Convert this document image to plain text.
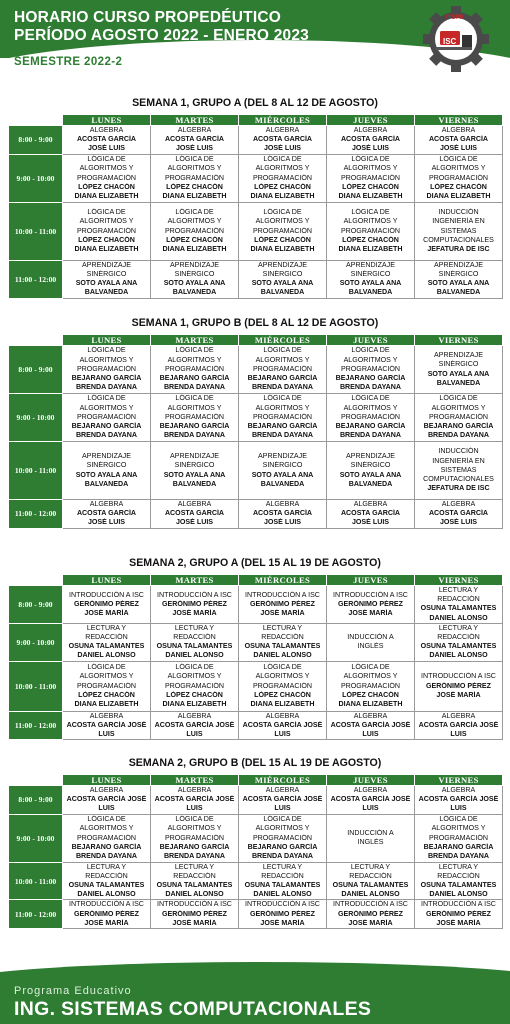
HORARIO CURSO PROPEDÉUTICO
PERÍODO AGOSTO 2022 - ENERO 2023
SEMESTRE 2022-2
ITSPR
ISC
SEMANA 1, GRUPO A (DEL 8 AL 12 DE AGOSTO)
	LUNES	MARTES	MIÉRCOLES	JUEVES	VIERNES
8:00 - 9:00	ALGEBRA
ACOSTA GARCÍA
JOSÉ LUIS	ALGEBRA
ACOSTA GARCÍA
JOSÉ LUIS	ALGEBRA
ACOSTA GARCÍA
JOSÉ LUIS	ALGEBRA
ACOSTA GARCÍA
JOSÉ LUIS	ALGEBRA
ACOSTA GARCÍA
JOSÉ LUIS

9:00 - 10:00	LÓGICA DE
ALGORITMOS Y
PROGRAMACIÓN
LÓPEZ CHACÓN
DIANA ELIZABETH	LÓGICA DE
ALGORITMOS Y
PROGRAMACIÓN
LÓPEZ CHACÓN
DIANA ELIZABETH	LÓGICA DE
ALGORITMOS Y
PROGRAMACIÓN
LÓPEZ CHACÓN
DIANA ELIZABETH	LÓGICA DE
ALGORITMOS Y
PROGRAMACIÓN
LÓPEZ CHACÓN
DIANA ELIZABETH	LÓGICA DE
ALGORITMOS Y
PROGRAMACIÓN
LÓPEZ CHACÓN
DIANA ELIZABETH

10:00 - 11:00	LÓGICA DE
ALGORITMOS Y
PROGRAMACIÓN
LÓPEZ CHACÓN
DIANA ELIZABETH	LÓGICA DE
ALGORITMOS Y
PROGRAMACIÓN
LÓPEZ CHACÓN
DIANA ELIZABETH	LÓGICA DE
ALGORITMOS Y
PROGRAMACIÓN
LÓPEZ CHACÓN
DIANA ELIZABETH	LÓGICA DE
ALGORITMOS Y
PROGRAMACIÓN
LÓPEZ CHACÓN
DIANA ELIZABETH	INDUCCIÓN
INGENIERÍA EN
SISTEMAS
COMPUTACIONALES
JEFATURA DE ISC

11:00 - 12:00	APRENDIZAJE
SINÉRGICO
SOTO AYALA ANA
BALVANEDA	APRENDIZAJE
SINÉRGICO
SOTO AYALA ANA
BALVANEDA	APRENDIZAJE
SINÉRGICO
SOTO AYALA ANA
BALVANEDA	APRENDIZAJE
SINÉRGICO
SOTO AYALA ANA
BALVANEDA	APRENDIZAJE
SINÉRGICO
SOTO AYALA ANA
BALVANEDA
SEMANA 1, GRUPO B (DEL 8 AL 12 DE AGOSTO)
	LUNES	MARTES	MIÉRCOLES	JUEVES	VIERNES
8:00 - 9:00	LÓGICA DE
ALGORITMOS Y
PROGRAMACIÓN
BEJARANO GARCÍA
BRENDA DAYANA	LÓGICA DE
ALGORITMOS Y
PROGRAMACIÓN
BEJARANO GARCÍA
BRENDA DAYANA	LÓGICA DE
ALGORITMOS Y
PROGRAMACIÓN
BEJARANO GARCÍA
BRENDA DAYANA	LÓGICA DE
ALGORITMOS Y
PROGRAMACIÓN
BEJARANO GARCÍA
BRENDA DAYANA	APRENDIZAJE
SINÉRGICO
SOTO AYALA ANA
BALVANEDA

9:00 - 10:00	LÓGICA DE
ALGORITMOS Y
PROGRAMACIÓN
BEJARANO GARCÍA
BRENDA DAYANA	LÓGICA DE
ALGORITMOS Y
PROGRAMACIÓN
BEJARANO GARCÍA
BRENDA DAYANA	LÓGICA DE
ALGORITMOS Y
PROGRAMACIÓN
BEJARANO GARCÍA
BRENDA DAYANA	LÓGICA DE
ALGORITMOS Y
PROGRAMACIÓN
BEJARANO GARCÍA
BRENDA DAYANA	LÓGICA DE
ALGORITMOS Y
PROGRAMACIÓN
BEJARANO GARCÍA
BRENDA DAYANA

10:00 - 11:00	APRENDIZAJE
SINÉRGICO
SOTO AYALA ANA
BALVANEDA	APRENDIZAJE
SINÉRGICO
SOTO AYALA ANA
BALVANEDA	APRENDIZAJE
SINÉRGICO
SOTO AYALA ANA
BALVANEDA	APRENDIZAJE
SINÉRGICO
SOTO AYALA ANA
BALVANEDA	INDUCCIÓN
INGENIERÍA EN
SISTEMAS
COMPUTACIONALES
JEFATURA DE ISC

11:00 - 12:00	ALGEBRA
ACOSTA GARCÍA
JOSÉ LUIS	ALGEBRA
ACOSTA GARCÍA
JOSÉ LUIS	ALGEBRA
ACOSTA GARCÍA
JOSÉ LUIS	ALGEBRA
ACOSTA GARCÍA
JOSÉ LUIS	ALGEBRA
ACOSTA GARCÍA
JOSÉ LUIS
SEMANA 2, GRUPO A (DEL 15 AL 19 DE AGOSTO)
	LUNES	MARTES	MIÉRCOLES	JUEVES	VIERNES
8:00 - 9:00	INTRODUCCIÓN A ISC
GERÓNIMO PÉREZ
JOSÉ MARÍA	INTRODUCCIÓN A ISC
GERÓNIMO PÉREZ
JOSÉ MARÍA	INTRODUCCIÓN A ISC
GERÓNIMO PÉREZ
JOSÉ MARÍA	INTRODUCCIÓN A ISC
GERÓNIMO PÉREZ
JOSÉ MARÍA	LECTURA Y
REDACCIÓN
OSUNA TALAMANTES
DANIEL ALONSO

9:00 - 10:00	LECTURA Y
REDACCIÓN
OSUNA TALAMANTES
DANIEL ALONSO	LECTURA Y
REDACCIÓN
OSUNA TALAMANTES
DANIEL ALONSO	LECTURA Y
REDACCIÓN
OSUNA TALAMANTES
DANIEL ALONSO	INDUCCIÓN A
INGLÉS	LECTURA Y
REDACCIÓN
OSUNA TALAMANTES
DANIEL ALONSO

10:00 - 11:00	LÓGICA DE
ALGORITMOS Y
PROGRAMACIÓN
LÓPEZ CHACÓN
DIANA ELIZABETH	LÓGICA DE
ALGORITMOS Y
PROGRAMACIÓN
LÓPEZ CHACÓN
DIANA ELIZABETH	LÓGICA DE
ALGORITMOS Y
PROGRAMACIÓN
LÓPEZ CHACÓN
DIANA ELIZABETH	LÓGICA DE
ALGORITMOS Y
PROGRAMACIÓN
LÓPEZ CHACÓN
DIANA ELIZABETH	INTRODUCCIÓN A ISC
GERÓNIMO PÉREZ
JOSÉ MARÍA

11:00 - 12:00	ALGEBRA
ACOSTA GARCÍA JOSÉ
LUIS	ALGEBRA
ACOSTA GARCÍA JOSÉ
LUIS	ALGEBRA
ACOSTA GARCÍA JOSÉ
LUIS	ALGEBRA
ACOSTA GARCÍA JOSÉ
LUIS	ALGEBRA
ACOSTA GARCÍA JOSÉ
LUIS
SEMANA 2, GRUPO B (DEL 15 AL 19 DE AGOSTO)
	LUNES	MARTES	MIÉRCOLES	JUEVES	VIERNES
8:00 - 9:00	ALGEBRA
ACOSTA GARCÍA JOSÉ
LUIS	ALGEBRA
ACOSTA GARCÍA JOSÉ
LUIS	ALGEBRA
ACOSTA GARCÍA JOSÉ
LUIS	ALGEBRA
ACOSTA GARCÍA JOSÉ
LUIS	ALGEBRA
ACOSTA GARCÍA JOSÉ
LUIS

9:00 - 10:00	LÓGICA DE
ALGORITMOS Y
PROGRAMACIÓN
BEJARANO GARCÍA
BRENDA DAYANA	LÓGICA DE
ALGORITMOS Y
PROGRAMACIÓN
BEJARANO GARCÍA
BRENDA DAYANA	LÓGICA DE
ALGORITMOS Y
PROGRAMACIÓN
BEJARANO GARCÍA
BRENDA DAYANA	INDUCCIÓN A
INGLÉS	LÓGICA DE
ALGORITMOS Y
PROGRAMACIÓN
BEJARANO GARCÍA
BRENDA DAYANA

10:00 - 11:00	LECTURA Y
REDACCIÓN
OSUNA TALAMANTES
DANIEL ALONSO	LECTURA Y
REDACCIÓN
OSUNA TALAMANTES
DANIEL ALONSO	LECTURA Y
REDACCIÓN
OSUNA TALAMANTES
DANIEL ALONSO	LECTURA Y
REDACCIÓN
OSUNA TALAMANTES
DANIEL ALONSO	LECTURA Y
REDACCIÓN
OSUNA TALAMANTES
DANIEL ALONSO

11:00 - 12:00	INTRODUCCIÓN A ISC
GERÓNIMO PÉREZ
JOSÉ MARÍA	INTRODUCCIÓN A ISC
GERÓNIMO PÉREZ
JOSÉ MARÍA	INTRODUCCIÓN A ISC
GERÓNIMO PÉREZ
JOSÉ MARÍA	INTRODUCCIÓN A ISC
GERÓNIMO PÉREZ
JOSÉ MARÍA	INTRODUCCIÓN A ISC
GERÓNIMO PÉREZ
JOSÉ MARÍA
Programa Educativo
ING. SISTEMAS COMPUTACIONALES
